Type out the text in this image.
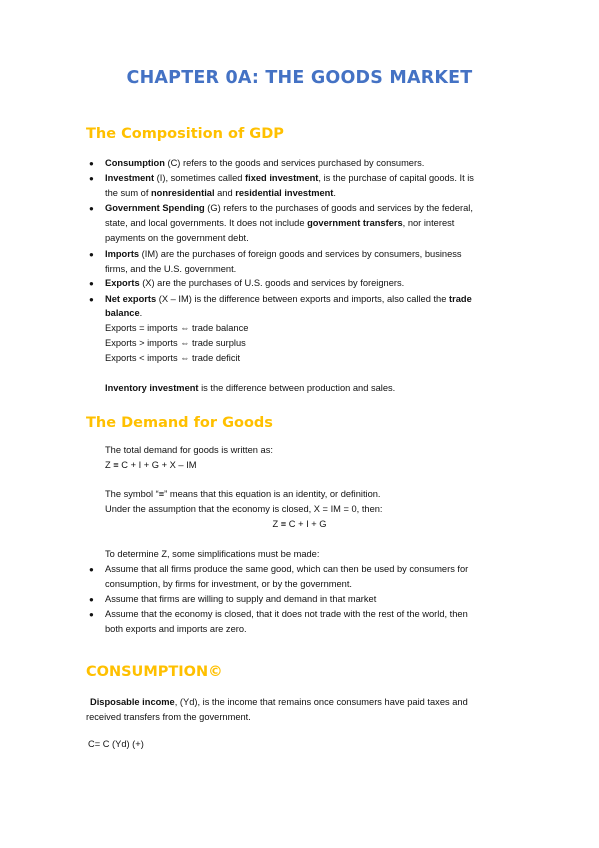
CHAPTER 0A: THE GOODS MARKET
The Composition of GDP
● Consumption (C) refers to the goods and services purchased by consumers.
● Investment (I), sometimes called fixed investment, is the purchase of capital goods. It is
the sum of nonresidential and residential investment.
● Government Spending (G) refers to the purchases of goods and services by the federal,
state, and local governments. It does not include government transfers, nor interest
payments on the government debt.
● Imports (IM) are the purchases of foreign goods and services by consumers, business
firms, and the U.S. government.
● Exports (X) are the purchases of U.S. goods and services by foreigners.
● Net exports (X – IM) is the difference between exports and imports, also called the trade
balance.
Exports = imports ⇔ trade balance
Exports > imports ⇔ trade surplus
Exports < imports ⇔ trade deficit
Inventory investment is the difference between production and sales.
The Demand for Goods
The total demand for goods is written as:
Z ≡ C + I + G + X – IM
The symbol “≡” means that this equation is an identity, or definition.
Under the assumption that the economy is closed, X = IM = 0, then:
Z ≡ C + I + G
To determine Z, some simplifications must be made:
● Assume that all firms produce the same good, which can then be used by consumers for
consumption, by firms for investment, or by the government.
● Assume that firms are willing to supply and demand in that market
● Assume that the economy is closed, that it does not trade with the rest of the world, then
both exports and imports are zero.
CONSUMPTION©
Disposable income, (Yd), is the income that remains once consumers have paid taxes and
received transfers from the government.
C= C (Yd) (+)
